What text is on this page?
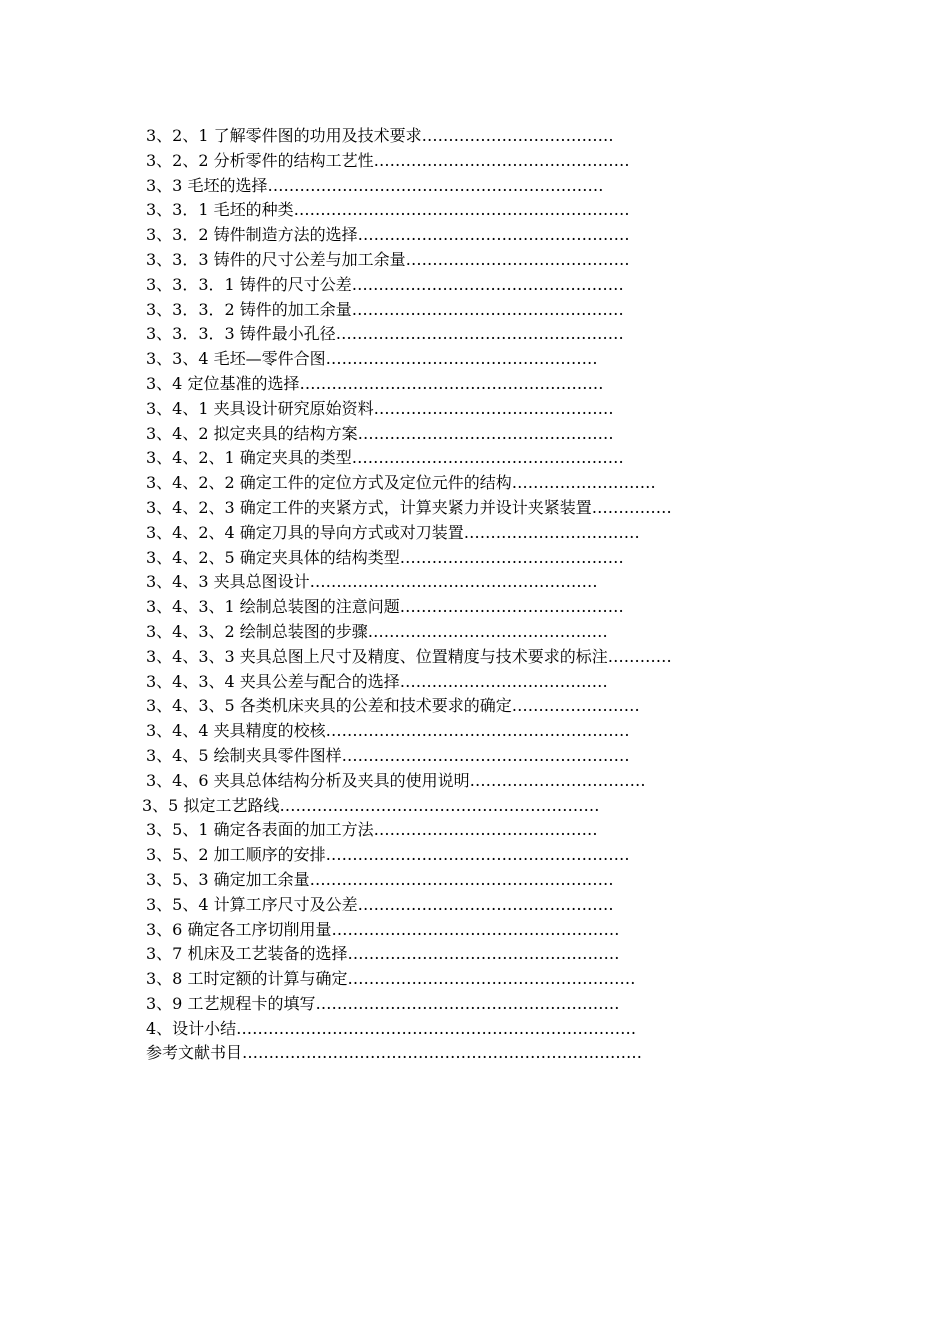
3、2、1 了解零件图的功用及技术要求………………………………
3、2、2 分析零件的结构工艺性…………………………………………
3、3 毛坯的选择………………………………………………………
3、3．1 毛坯的种类………………………………………………………
3、3．2 铸件制造方法的选择……………………………………………
3、3．3 铸件的尺寸公差与加工余量……………………………………
3、3．3．1 铸件的尺寸公差……………………………………………
3、3．3．2 铸件的加工余量……………………………………………
3、3．3．3 铸件最小孔径………………………………………………
3、3、4 毛坯—零件合图……………………………………………
3、4 定位基准的选择…………………………………………………
3、4、1 夹具设计研究原始资料………………………………………
3、4、2 拟定夹具的结构方案…………………………………………
3、4、2、1 确定夹具的类型……………………………………………
3、4、2、2 确定工件的定位方式及定位元件的结构………………………
3、4、2、3 确定工件的夹紧方式，计算夹紧力并设计夹紧装置……………
3、4、2、4 确定刀具的导向方式或对刀装置……………………………
3、4、2、5 确定夹具体的结构类型……………………………………
3、4、3 夹具总图设计………………………………………………
3、4、3、1 绘制总装图的注意问题……………………………………
3、4、3、2 绘制总装图的步骤………………………………………
3、4、3、3 夹具总图上尺寸及精度、位置精度与技术要求的标注…………
3、4、3、4 夹具公差与配合的选择…………………………………
3、4、3、5 各类机床夹具的公差和技术要求的确定……………………
3、4、4 夹具精度的校核…………………………………………………
3、4、5 绘制夹具零件图样………………………………………………
3、4、6 夹具总体结构分析及夹具的使用说明……………………………
3、5 拟定工艺路线……………………………………………………
3、5、1 确定各表面的加工方法……………………………………
3、5、2 加工顺序的安排…………………………………………………
3、5、3 确定加工余量…………………………………………………
3、5、4 计算工序尺寸及公差…………………………………………
3、6 确定各工序切削用量………………………………………………
3、7 机床及工艺装备的选择……………………………………………
3、8 工时定额的计算与确定………………………………………………
3、9 工艺规程卡的填写…………………………………………………
4、设计小结…………………………………………………………………
参考文献书目…………………………………………………………………
